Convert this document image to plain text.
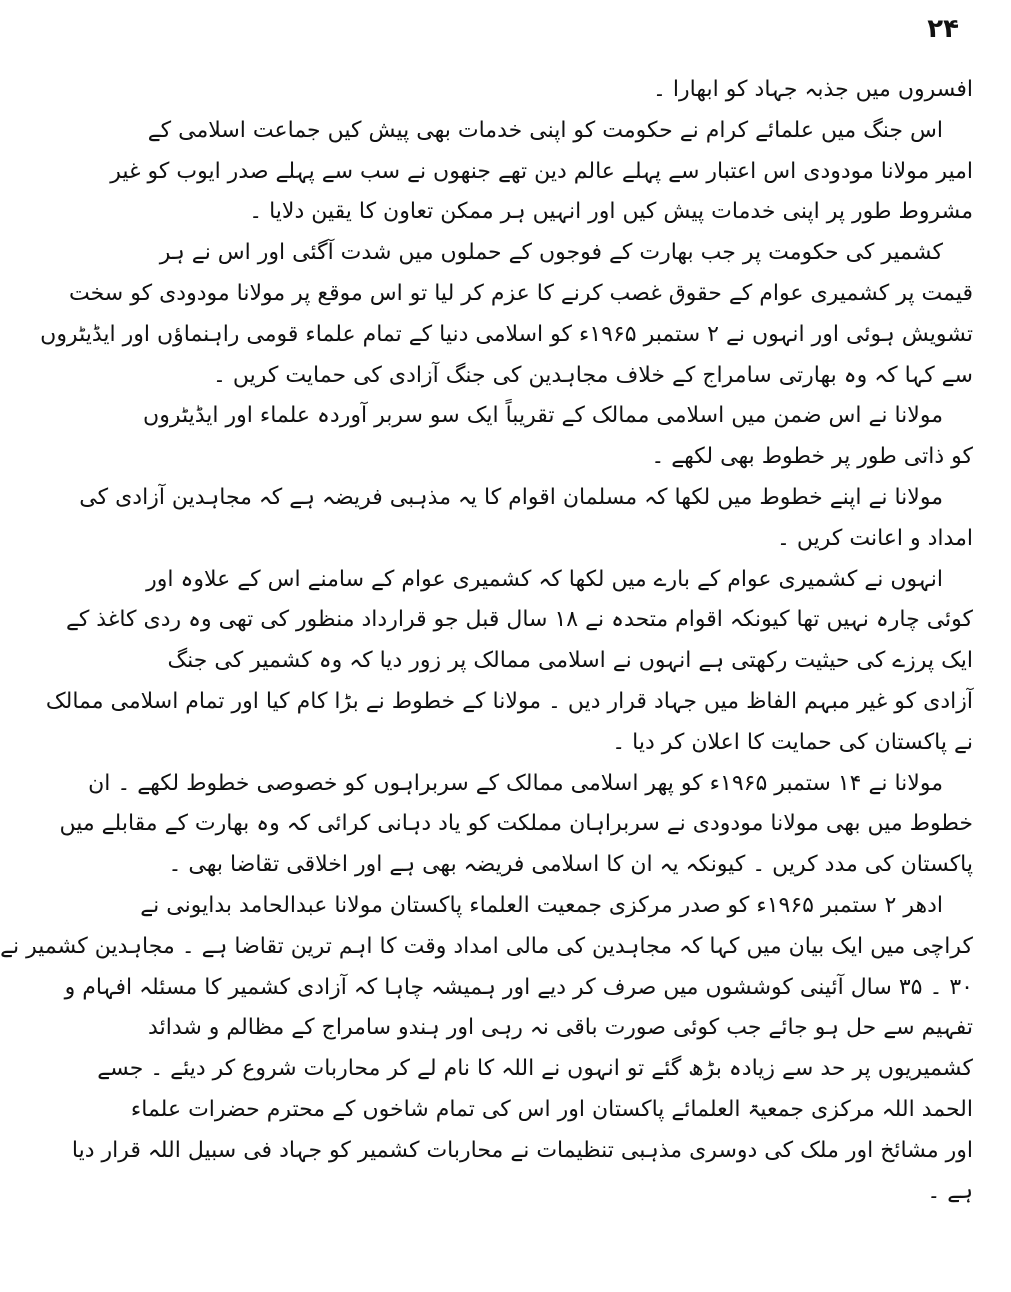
۲۴
افسروں میں جذبہ جہاد کو ابھارا ۔
اس جنگ میں علمائے کرام نے حکومت کو اپنی خدمات بھی پیش کیں جماعت اسلامی کے
امیر مولانا مودودی اس اعتبار سے پہلے عالم دین تھے جنھوں نے سب سے پہلے صدر ایوب کو غیر
مشروط طور پر اپنی خدمات پیش کیں اور انہیں ہر ممکن تعاون کا یقین دلایا ۔
کشمیر کی حکومت پر جب بھارت کے فوجوں کے حملوں میں شدت آگئی اور اس نے ہر
قیمت پر کشمیری عوام کے حقوق غصب کرنے کا عزم کر لیا تو اس موقع پر مولانا مودودی کو سخت
تشویش ہوئی اور انہوں نے ۲ ستمبر ۱۹۶۵ء کو اسلامی دنیا کے تمام علماء قومی راہنماؤں اور ایڈیٹروں
سے کہا کہ وہ بھارتی سامراج کے خلاف مجاہدین کی جنگ آزادی کی حمایت کریں ۔
مولانا نے اس ضمن میں اسلامی ممالک کے تقریباً ایک سو سربر آوردہ علماء اور ایڈیٹروں
کو ذاتی طور پر خطوط بھی لکھے ۔
مولانا نے اپنے خطوط میں لکھا کہ مسلمان اقوام کا یہ مذہبی فریضہ ہے کہ مجاہدین آزادی کی
امداد و اعانت کریں ۔
انہوں نے کشمیری عوام کے بارے میں لکھا کہ کشمیری عوام کے سامنے اس کے علاوہ اور
کوئی چارہ نہیں تھا کیونکہ اقوام متحدہ نے ۱۸ سال قبل جو قرارداد منظور کی تھی وہ ردی کاغذ کے
ایک پرزے کی حیثیت رکھتی ہے انہوں نے اسلامی ممالک پر زور دیا کہ وہ کشمیر کی جنگ
آزادی کو غیر مبہم الفاظ میں جہاد قرار دیں ۔ مولانا کے خطوط نے بڑا کام کیا اور تمام اسلامی ممالک
نے پاکستان کی حمایت کا اعلان کر دیا ۔
مولانا نے ۱۴ ستمبر ۱۹۶۵ء کو پھر اسلامی ممالک کے سربراہوں کو خصوصی خطوط لکھے ۔ ان
خطوط میں بھی مولانا مودودی نے سربراہان مملکت کو یاد دہانی کرائی کہ وہ بھارت کے مقابلے میں
پاکستان کی مدد کریں ۔ کیونکہ یہ ان کا اسلامی فریضہ بھی ہے اور اخلاقی تقاضا بھی ۔
ادھر ۲ ستمبر ۱۹۶۵ء کو صدر مرکزی جمعیت العلماء پاکستان مولانا عبدالحامد بدایونی نے
کراچی میں ایک بیان میں کہا کہ مجاہدین کی مالی امداد وقت کا اہم ترین تقاضا ہے ۔ مجاہدین کشمیر نے
۳۰ ۔ ۳۵ سال آئینی کوششوں میں صرف کر دیے اور ہمیشہ چاہا کہ آزادی کشمیر کا مسئلہ افہام و
تفہیم سے حل ہو جائے جب کوئی صورت باقی نہ رہی اور ہندو سامراج کے مظالم و شدائد
کشمیریوں پر حد سے زیادہ بڑھ گئے تو انہوں نے اللہ کا نام لے کر محاربات شروع کر دیئے ۔ جسے
الحمد اللہ مرکزی جمعیۃ العلمائے پاکستان اور اس کی تمام شاخوں کے محترم حضرات علماء
اور مشائخ اور ملک کی دوسری مذہبی تنظیمات نے محاربات کشمیر کو جہاد فی سبیل اللہ قرار دیا
ہے ۔
